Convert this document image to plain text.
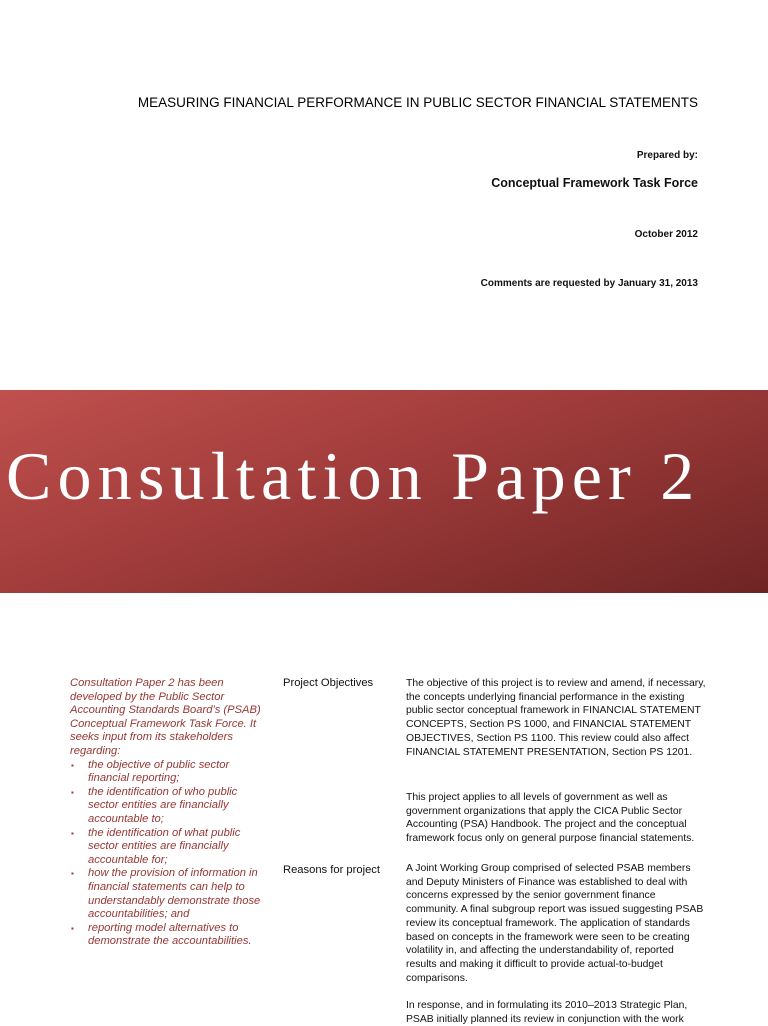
MEASURING FINANCIAL PERFORMANCE IN PUBLIC SECTOR FINANCIAL STATEMENTS
Prepared by:
Conceptual Framework Task Force
October 2012
Comments are requested by January 31, 2013
Consultation Paper 2

Consultation Paper 2 has been developed by the Public Sector Accounting Standards Board’s (PSAB) Conceptual Framework Task Force. It seeks input from its stakeholders regarding:

▪ the objective of public sector financial reporting;
▪ the identification of who public sector entities are financially accountable to;
▪ the identification of what public sector entities are financially accountable for;
▪ how the provision of information in financial statements can help to understandably demonstrate those accountabilities; and
▪ reporting model alternatives to demonstrate the accountabilities.
Project Objectives
Reasons for project

The objective of this project is to review and amend, if necessary, the concepts underlying financial performance in the existing public sector conceptual framework in FINANCIAL STATEMENT CONCEPTS, Section PS 1000, and FINANCIAL STATEMENT OBJECTIVES, Section PS 1100. This review could also affect FINANCIAL STATEMENT PRESENTATION, Section PS 1201.

This project applies to all levels of government as well as government organizations that apply the CICA Public Sector Accounting (PSA) Handbook. The project and the conceptual framework focus only on general purpose financial statements.

A Joint Working Group comprised of selected PSAB members and Deputy Ministers of Finance was established to deal with concerns expressed by the senior government finance community. A final subgroup report was issued suggesting PSAB review its conceptual framework. The application of standards based on concepts in the framework were seen to be creating volatility in, and affecting the understandability of, reported results and making it difficult to provide actual-to-budget comparisons.

In response, and in formulating its 2010–2013 Strategic Plan, PSAB initially planned its review in conjunction with the work
